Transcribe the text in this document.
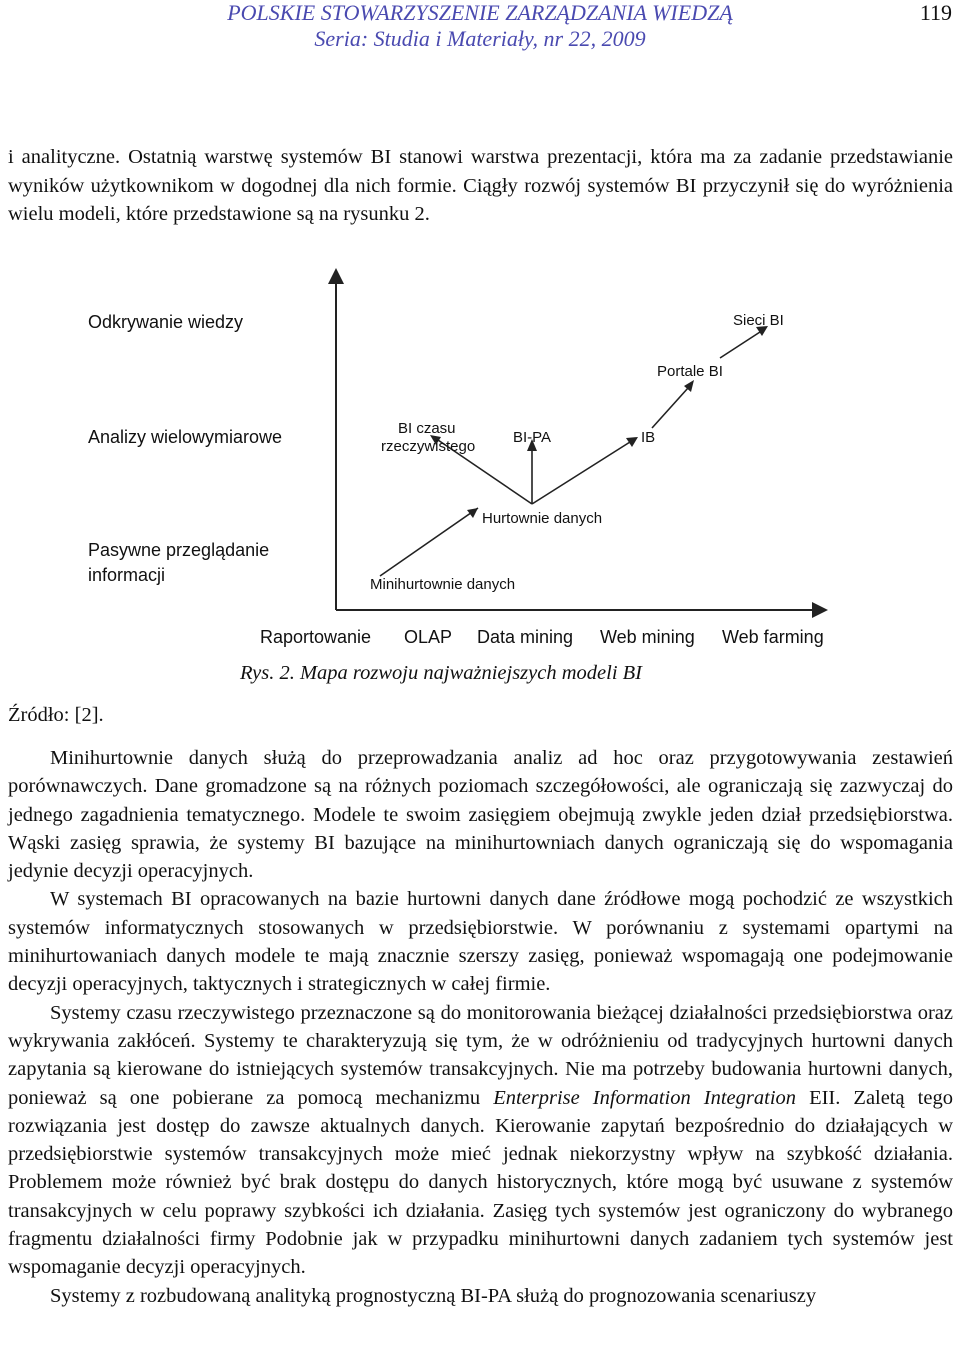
POLSKIE STOWARZYSZENIE ZARZĄDZANIA WIEDZĄ
Seria: Studia i Materiały, nr 22, 2009
119

i analityczne. Ostatnią warstwę systemów BI stanowi warstwa prezentacji, która ma za zadanie przedstawianie wyników użytkownikom w dogodnej dla nich formie. Ciągły rozwój systemów BI przyczynił się do wyróżnienia wielu modeli, które przedstawione są na rysunku 2.

Odkrywanie wiedzy
Analizy wielowymiarowe
Pasywne przeglądanie
informacji	Minihurtownie danych
Hurtownie danych
BI czasu
rzeczywistego
BI-PA	IB
Portale BI
Sieci BI
Raportowanie OLAP Data mining Web mining Web farming
Rys. 2. Mapa rozwoju najważniejszych modeli BI
Źródło: [2].

Minihurtownie danych służą do przeprowadzania analiz ad hoc oraz przygotowywania zestawień porównawczych. Dane gromadzone są na różnych poziomach szczegółowości, ale ograniczają się zazwyczaj do jednego zagadnienia tematycznego. Modele te swoim zasięgiem obejmują zwykle jeden dział przedsiębiorstwa. Wąski zasięg sprawia, że systemy BI bazujące na minihurtowniach danych ograniczają się do wspomagania jedynie decyzji operacyjnych.

W systemach BI opracowanych na bazie hurtowni danych dane źródłowe mogą pochodzić ze wszystkich systemów informatycznych stosowanych w przedsiębiorstwie. W porównaniu z systemami opartymi na minihurtowaniach danych modele te mają znacznie szerszy zasięg, ponieważ wspomagają one podejmowanie decyzji operacyjnych, taktycznych i strategicznych w całej firmie.

Systemy czasu rzeczywistego przeznaczone są do monitorowania bieżącej działalności przedsiębiorstwa oraz wykrywania zakłóceń. Systemy te charakteryzują się tym, że w odróżnieniu od tradycyjnych hurtowni danych zapytania są kierowane do istniejących systemów transakcyjnych. Nie ma potrzeby budowania hurtowni danych, ponieważ są one pobierane za pomocą mechanizmu Enterprise Information Integration EII. Zaletą tego rozwiązania jest dostęp do zawsze aktualnych danych. Kierowanie zapytań bezpośrednio do działających w przedsiębiorstwie systemów transakcyjnych może mieć jednak niekorzystny wpływ na szybkość działania. Problemem może również być brak dostępu do danych historycznych, które mogą być usuwane z systemów transakcyjnych w celu poprawy szybkości ich działania. Zasięg tych systemów jest ograniczony do wybranego fragmentu działalności firmy Podobnie jak w przypadku minihurtowni danych zadaniem tych systemów jest wspomaganie decyzji operacyjnych.

Systemy z rozbudowaną analityką prognostyczną BI-PA służą do prognozowania scenariuszy
